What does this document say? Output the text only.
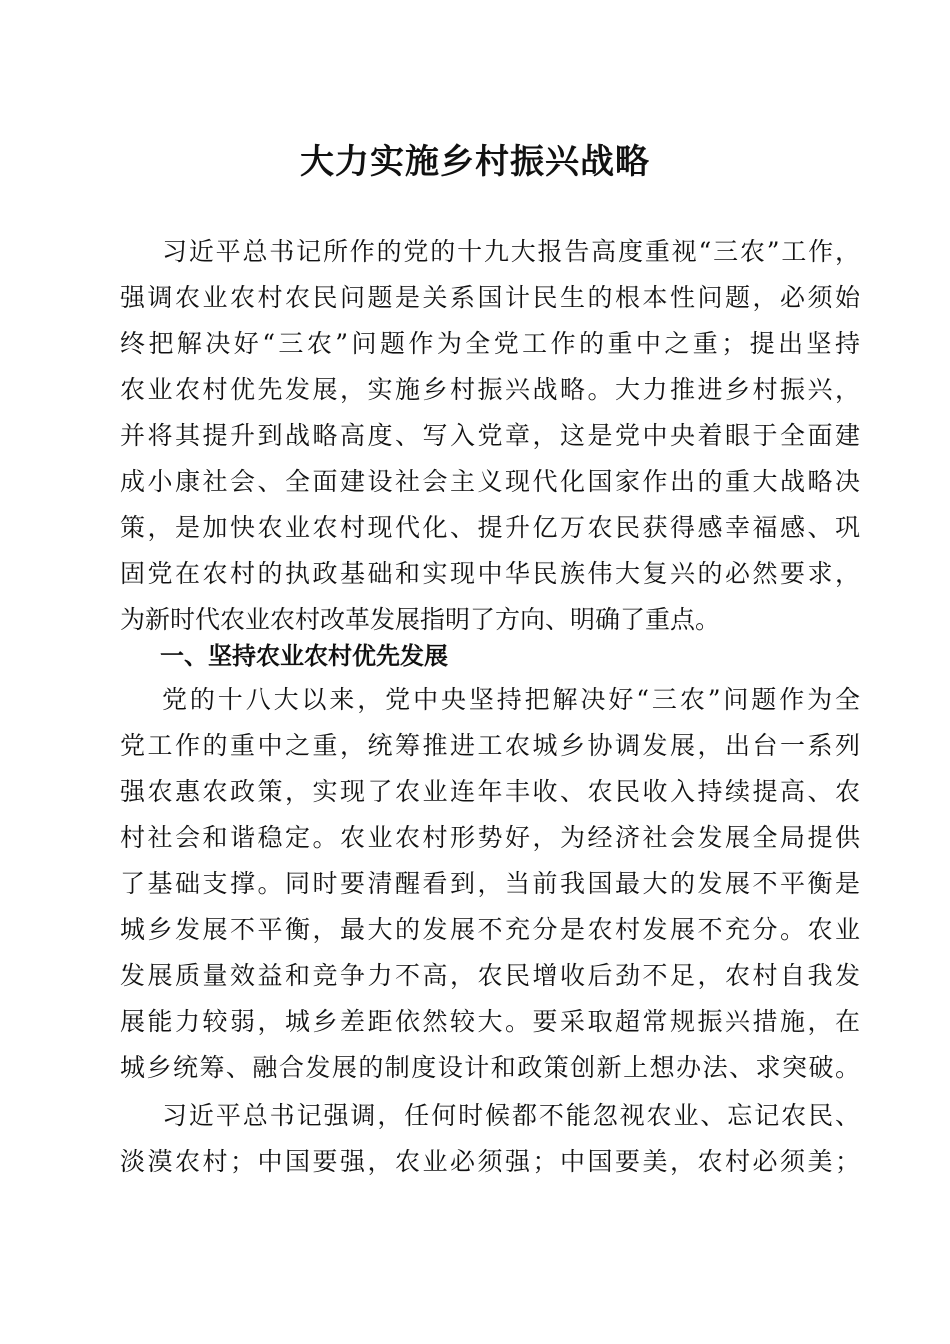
大力实施乡村振兴战略
习近平总书记所作的党的十九大报告高度重视“三农”工作，
强调农业农村农民问题是关系国计民生的根本性问题，必须始
终把解决好“三农”问题作为全党工作的重中之重；提出坚持
农业农村优先发展，实施乡村振兴战略。大力推进乡村振兴，
并将其提升到战略高度、写入党章，这是党中央着眼于全面建
成小康社会、全面建设社会主义现代化国家作出的重大战略决
策，是加快农业农村现代化、提升亿万农民获得感幸福感、巩
固党在农村的执政基础和实现中华民族伟大复兴的必然要求，
为新时代农业农村改革发展指明了方向、明确了重点。
一、坚持农业农村优先发展
党的十八大以来，党中央坚持把解决好“三农”问题作为全
党工作的重中之重，统筹推进工农城乡协调发展，出台一系列
强农惠农政策，实现了农业连年丰收、农民收入持续提高、农
村社会和谐稳定。农业农村形势好，为经济社会发展全局提供
了基础支撑。同时要清醒看到，当前我国最大的发展不平衡是
城乡发展不平衡，最大的发展不充分是农村发展不充分。农业
发展质量效益和竞争力不高，农民增收后劲不足，农村自我发
展能力较弱，城乡差距依然较大。要采取超常规振兴措施，在
城乡统筹、融合发展的制度设计和政策创新上想办法、求突破。
习近平总书记强调，任何时候都不能忽视农业、忘记农民、
淡漠农村；中国要强，农业必须强；中国要美，农村必须美；
